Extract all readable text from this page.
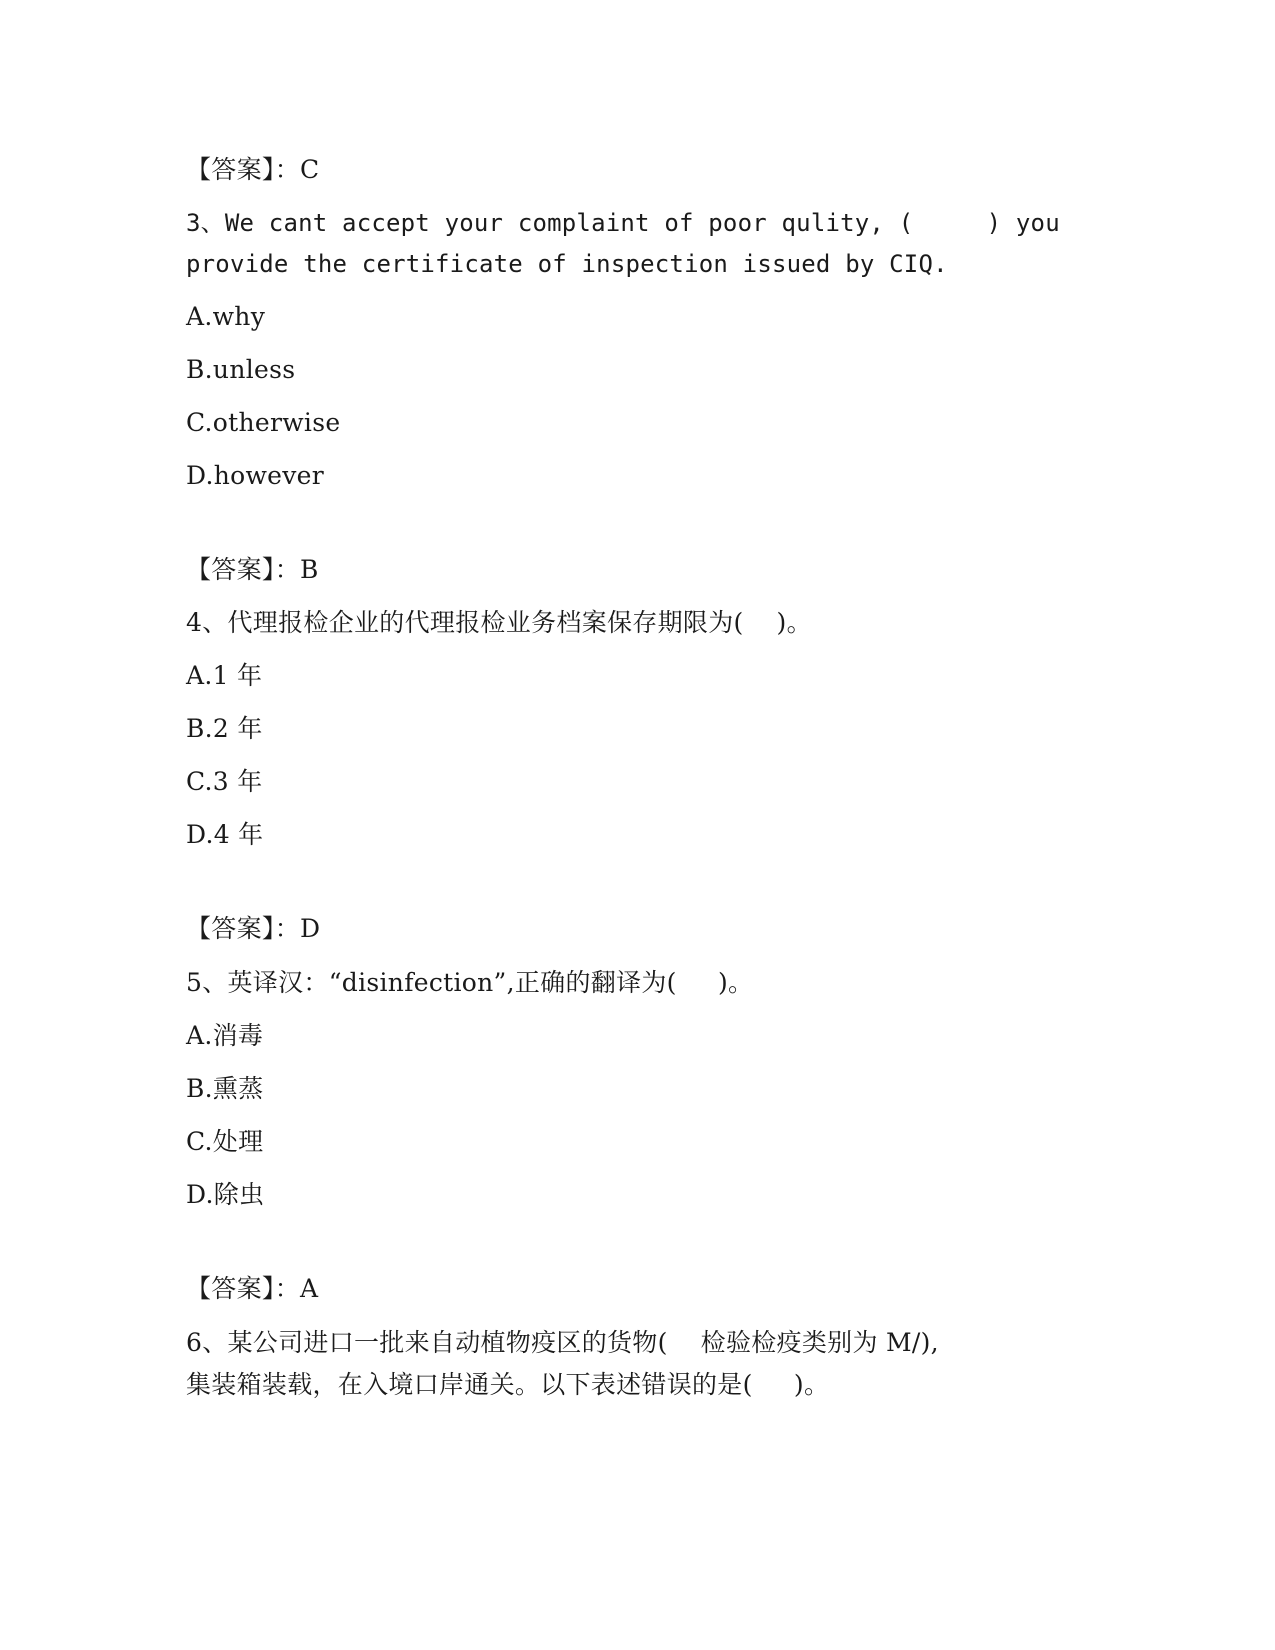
【答案】：C
3、We cant accept your complaint of poor qulity, (     ) you
provide the certificate of inspection issued by CIQ.
A.why
B.unless
C.otherwise
D.however
【答案】：B
4、代理报检企业的代理报检业务档案保存期限为(    )。
A.1 年
B.2 年
C.3 年
D.4 年
【答案】：D
5、英译汉：“disinfection”,正确的翻译为(     )。
A.消毒
B.熏蒸
C.处理
D.除虫
【答案】：A
6、某公司进口一批来自动植物疫区的货物(    检验检疫类别为 M/),
集装箱装载，在入境口岸通关。以下表述错误的是(     )。
